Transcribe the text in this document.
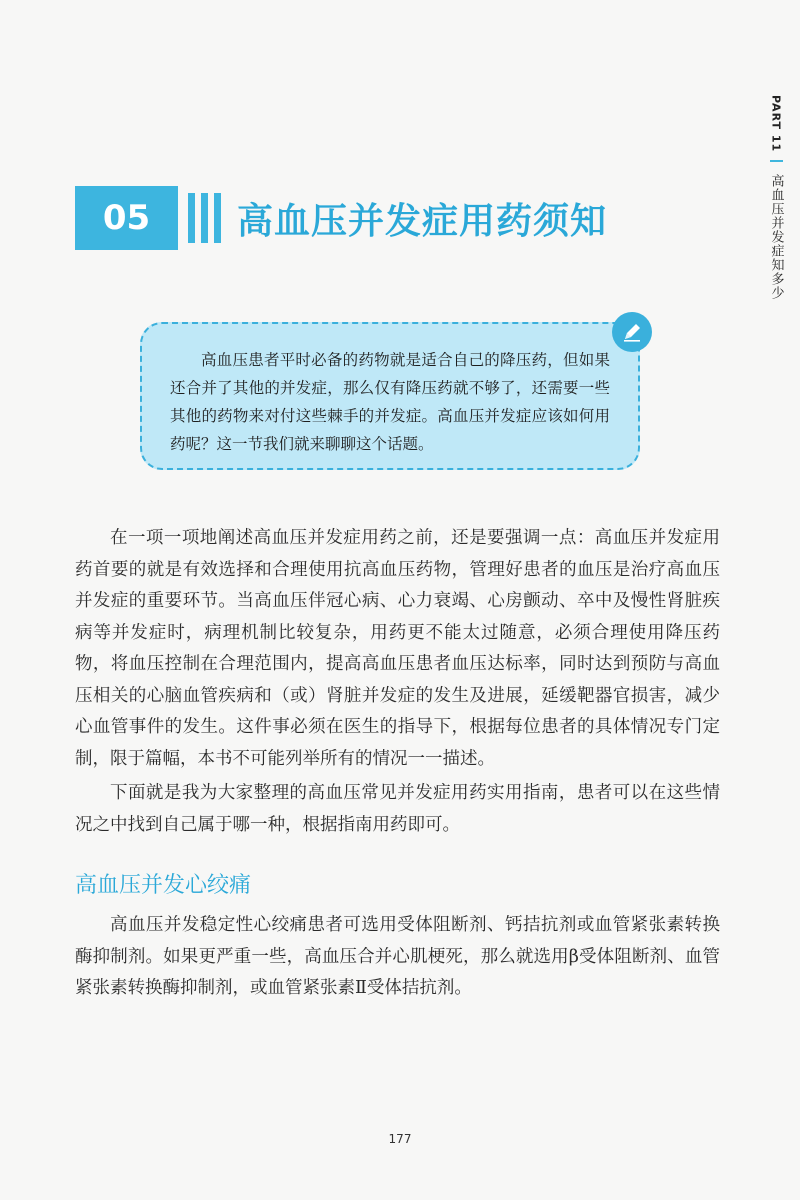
PART 11
高血压并发症知多少
05	高血压并发症用药须知

高血压患者平时必备的药物就是适合自己的降压药，但如果还合并了其他的并发症，那么仅有降压药就不够了，还需要一些其他的药物来对付这些棘手的并发症。高血压并发症应该如何用药呢？这一节我们就来聊聊这个话题。

在一项一项地阐述高血压并发症用药之前，还是要强调一点：高血压并发症用药首要的就是有效选择和合理使用抗高血压药物，管理好患者的血压是治疗高血压并发症的重要环节。当高血压伴冠心病、心力衰竭、心房颤动、卒中及慢性肾脏疾病等并发症时，病理机制比较复杂，用药更不能太过随意，必须合理使用降压药物，将血压控制在合理范围内，提高高血压患者血压达标率，同时达到预防与高血压相关的心脑血管疾病和（或）肾脏并发症的发生及进展，延缓靶器官损害，减少心血管事件的发生。这件事必须在医生的指导下，根据每位患者的具体情况专门定制，限于篇幅，本书不可能列举所有的情况一一描述。

下面就是我为大家整理的高血压常见并发症用药实用指南，患者可以在这些情况之中找到自己属于哪一种，根据指南用药即可。

高血压并发心绞痛

高血压并发稳定性心绞痛患者可选用受体阻断剂、钙拮抗剂或血管紧张素转换酶抑制剂。如果更严重一些，高血压合并心肌梗死，那么就选用β受体阻断剂、血管紧张素转换酶抑制剂，或血管紧张素Ⅱ受体拮抗剂。

177
